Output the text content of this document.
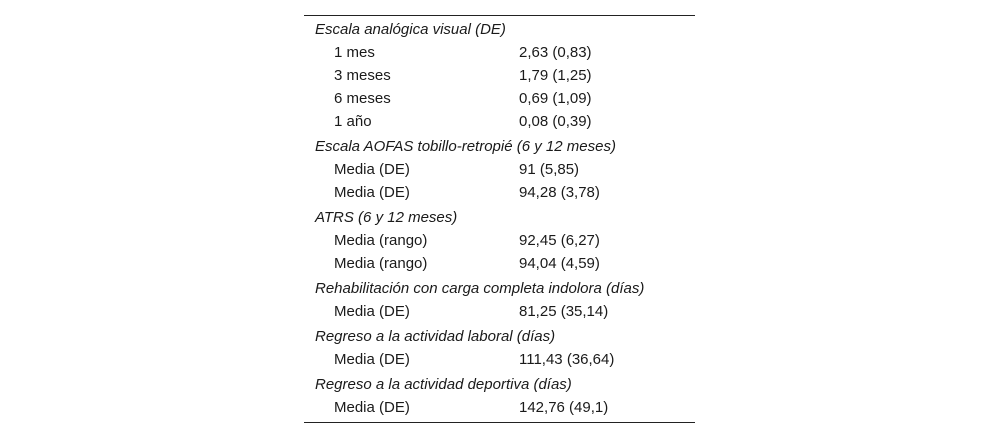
Escala analógica visual (DE)
1 mes	2,63 (0,83)
3 meses	1,79 (1,25)
6 meses	0,69 (1,09)
1 año	0,08 (0,39)
Escala AOFAS tobillo-retropié (6 y 12 meses)
Media (DE)	91 (5,85)
Media (DE)	94,28 (3,78)
ATRS (6 y 12 meses)
Media (rango)	92,45 (6,27)
Media (rango)	94,04 (4,59)
Rehabilitación con carga completa indolora (días)
Media (DE)	81,25 (35,14)
Regreso a la actividad laboral (días)
Media (DE)	111,43 (36,64)
Regreso a la actividad deportiva (días)
Media (DE)	142,76 (49,1)
